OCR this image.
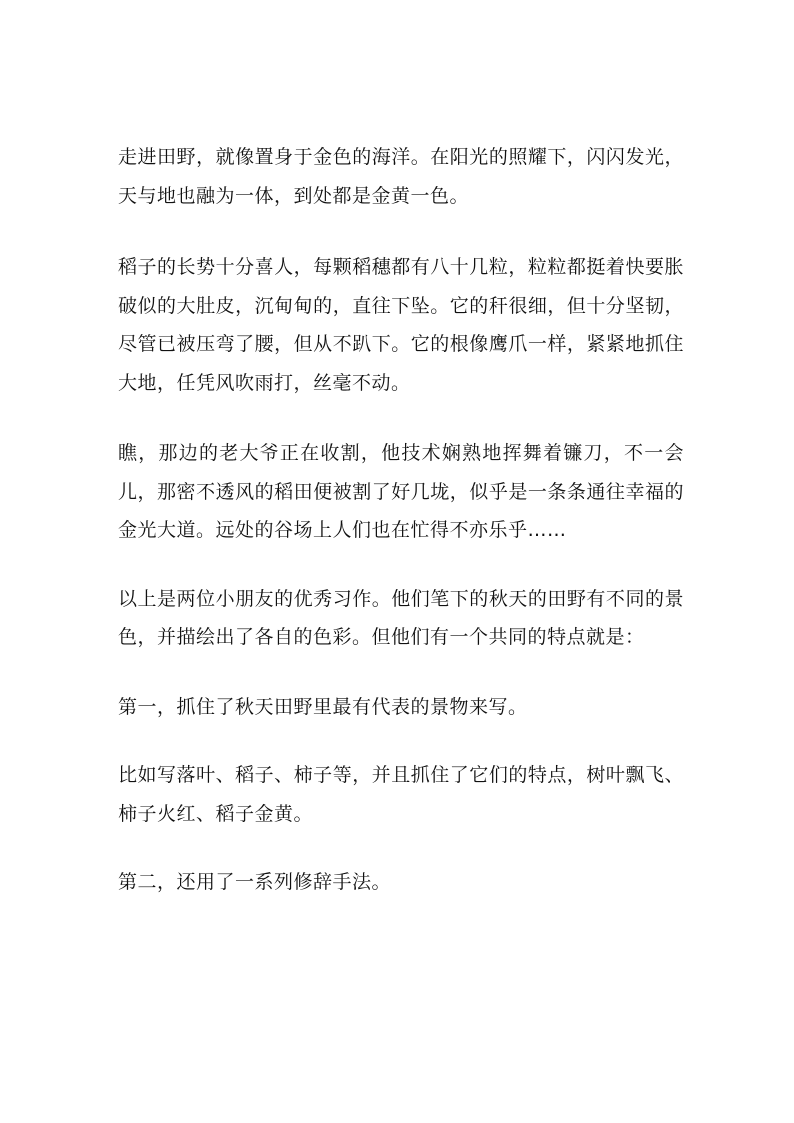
走进田野，就像置身于金色的海洋。在阳光的照耀下，闪闪发光，天与地也融为一体，到处都是金黄一色。

稻子的长势十分喜人，每颗稻穗都有八十几粒，粒粒都挺着快要胀破似的大肚皮，沉甸甸的，直往下坠。它的秆很细，但十分坚韧，尽管已被压弯了腰，但从不趴下。它的根像鹰爪一样，紧紧地抓住大地，任凭风吹雨打，丝毫不动。

瞧，那边的老大爷正在收割，他技术娴熟地挥舞着镰刀，不一会儿，那密不透风的稻田便被割了好几垅，似乎是一条条通往幸福的金光大道。远处的谷场上人们也在忙得不亦乐乎……

以上是两位小朋友的优秀习作。他们笔下的秋天的田野有不同的景色，并描绘出了各自的色彩。但他们有一个共同的特点就是：

第一，抓住了秋天田野里最有代表的景物来写。

比如写落叶、稻子、柿子等，并且抓住了它们的特点，树叶飘飞、柿子火红、稻子金黄。

第二，还用了一系列修辞手法。
